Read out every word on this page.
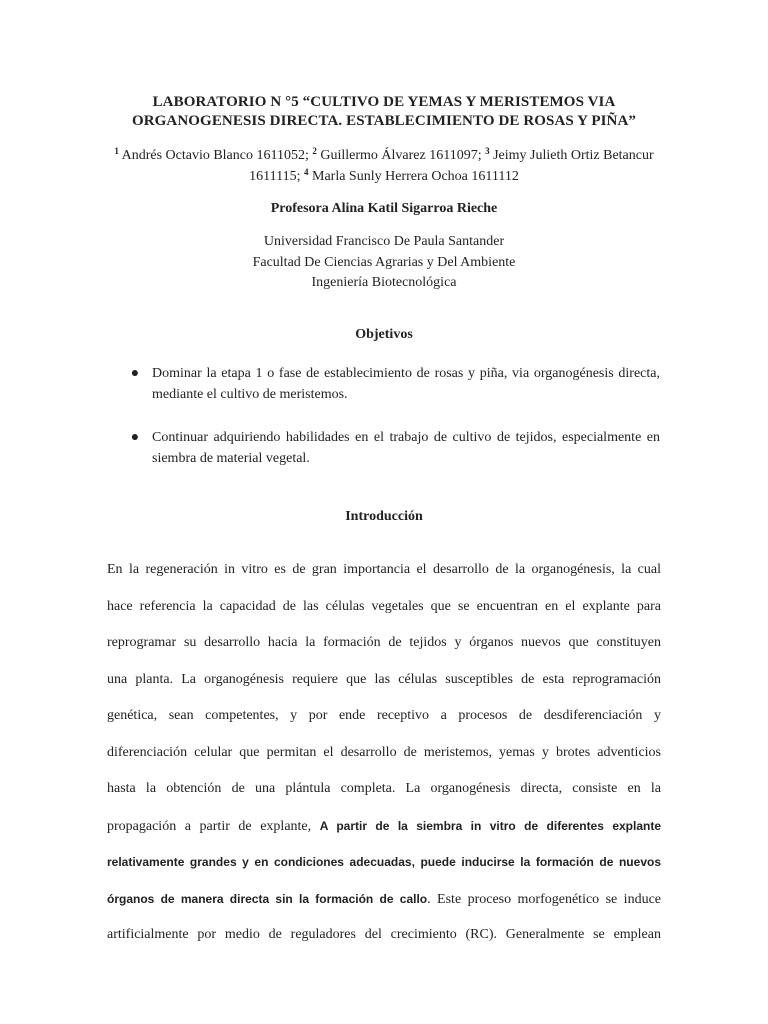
LABORATORIO N °5 “CULTIVO DE YEMAS Y MERISTEMOS VIA
ORGANOGENESIS DIRECTA. ESTABLECIMIENTO DE ROSAS Y PIÑA”
$^1$ Andrés Octavio Blanco 1611052; $^2$ Guillermo Álvarez 1611097; $^3$ Jeimy Julieth Ortiz Betancur 1611115; $^4$ Marla Sunly Herrera Ochoa 1611112
Profesora Alina Katil Sigarroa Rieche
Universidad Francisco De Paula Santander
Facultad De Ciencias Agrarias y Del Ambiente
Ingeniería Biotecnológica
Objetivos
● Dominar la etapa 1 o fase de establecimiento de rosas y piña, via organogénesis directa, mediante el cultivo de meristemos.
● Continuar adquiriendo habilidades en el trabajo de cultivo de tejidos, especialmente en siembra de material vegetal.
Introducción
En la regeneración in vitro es de gran importancia el desarrollo de la organogénesis, la cual
hace referencia la capacidad de las células vegetales que se encuentran en el explante para
reprogramar su desarrollo hacia la formación de tejidos y órganos nuevos que constituyen
una planta. La organogénesis requiere que las células susceptibles de esta reprogramación
genética, sean competentes, y por ende receptivo a procesos de desdiferenciación y
diferenciación celular que permitan el desarrollo de meristemos, yemas y brotes adventicios
hasta la obtención de una plántula completa. La organogénesis directa, consiste en la
propagación a partir de explante, A partir de la siembra in vitro de diferentes explante
relativamente grandes y en condiciones adecuadas, puede inducirse la formación de nuevos
órganos de manera directa sin la formación de callo. Este proceso morfogenético se induce
artificialmente por medio de reguladores del crecimiento (RC). Generalmente se emplean
